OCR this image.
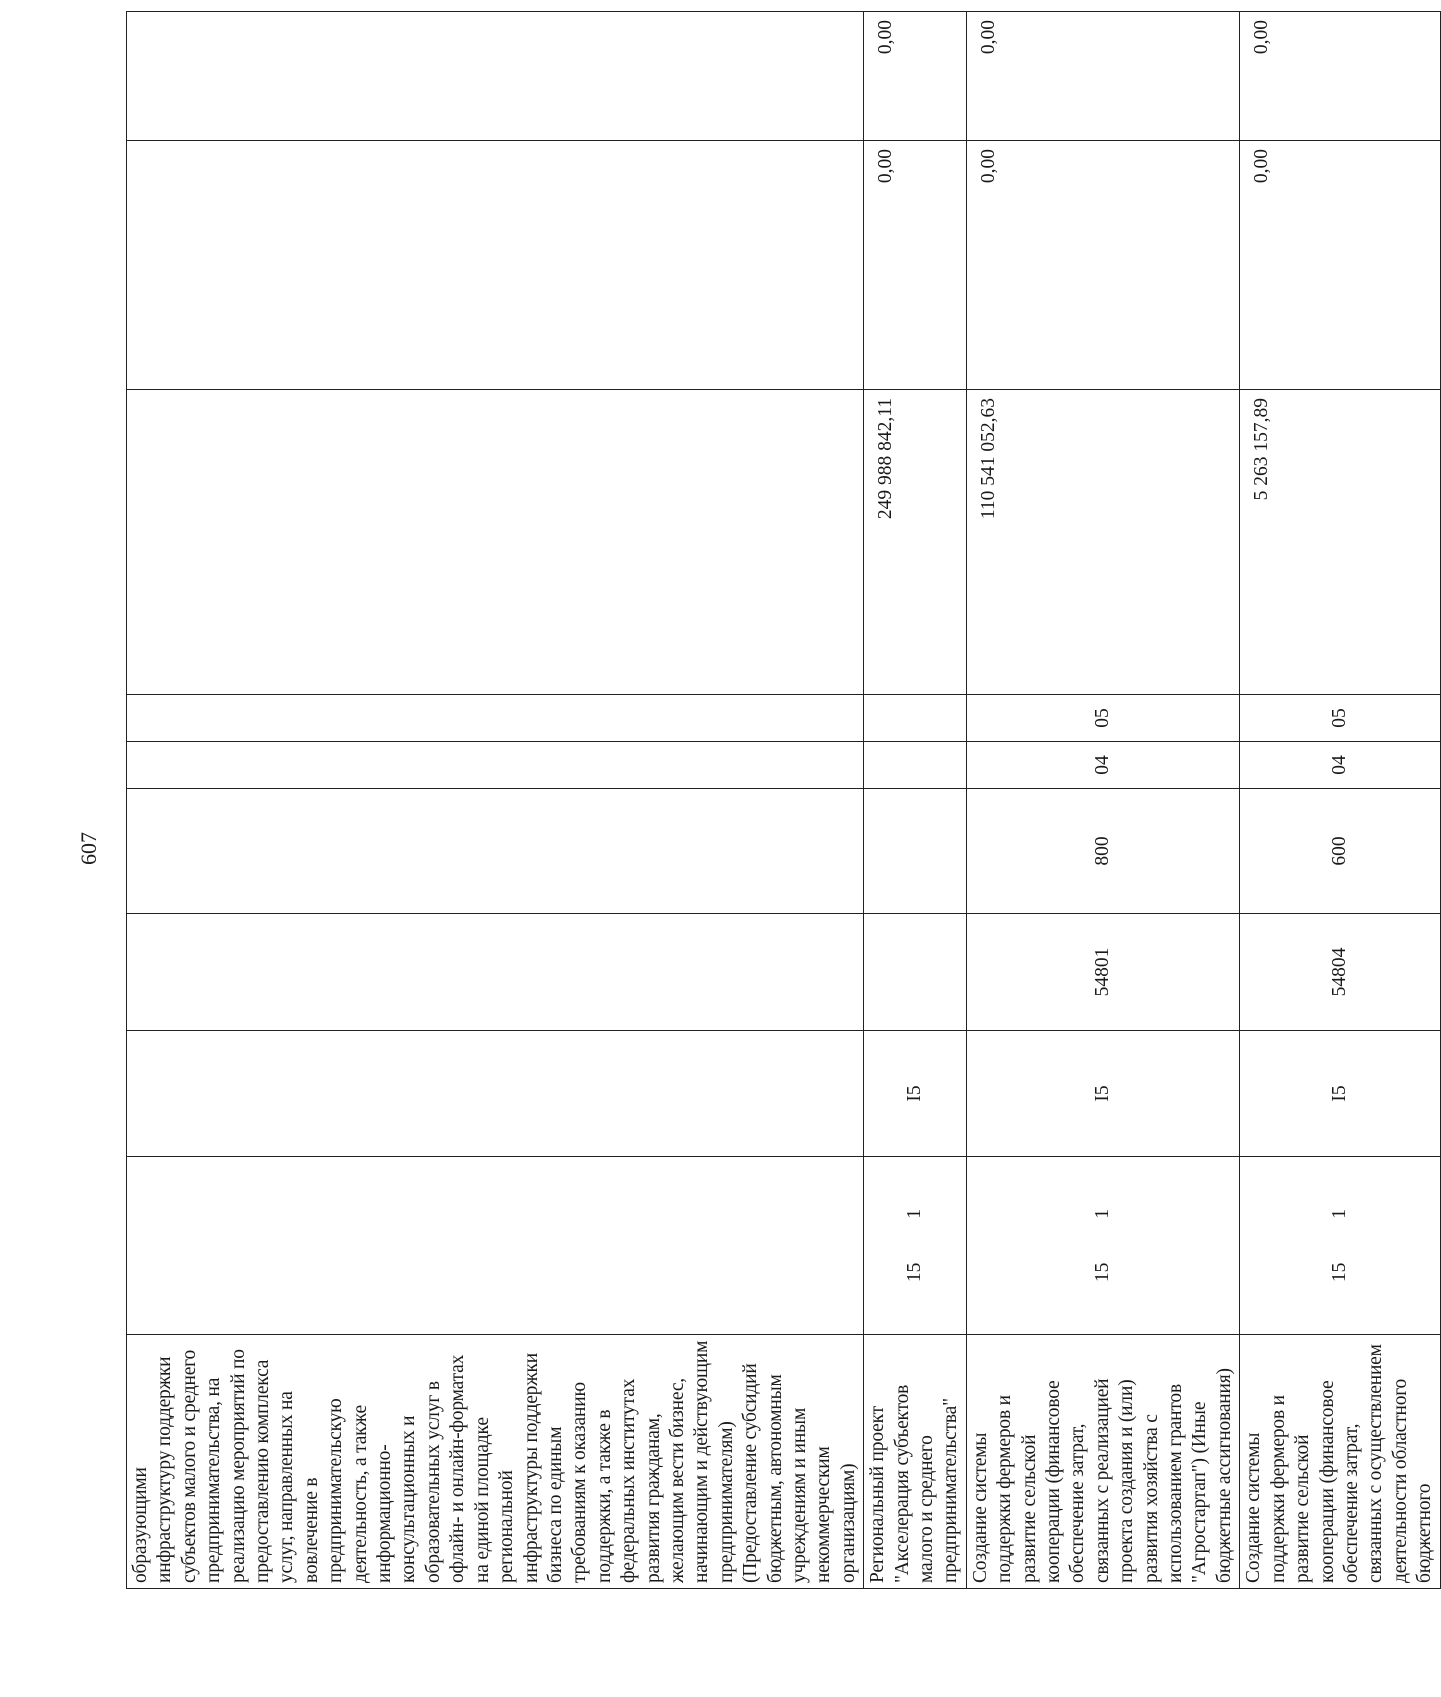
607
образующими инфраструктуру поддержки субъектов малого и среднего предпринимательства, на реализацию мероприятий по предоставлению комплекса услуг, направленных на вовлечение в предпринимательскую деятельность, а также информационно-консультационных и образовательных услуг в офлайн- и онлайн-форматах на единой площадке региональной инфраструктуры поддержки бизнеса по единым требованиям к оказанию поддержки, а также в федеральных институтах развития гражданам, желающим вести бизнес, начинающим и действующим предпринимателям) (Предоставление субсидий бюджетным, автономным учреждениям и иным некоммерческим организациям)									
Региональный проект "Акселерация субъектов малого и среднего предпринимательства"	15         1	I5					249 988 842,11	0,00	0,00
Создание системы поддержки фермеров и развитие сельской кооперации (финансовое обеспечение затрат, связанных с реализацией проекта создания и (или) развития хозяйства с использованием грантов "Агростартап") (Иные бюджетные ассигнования)	15         1	I5	54801	800	04	05	110 541 052,63	0,00	0,00
Создание системы поддержки фермеров и развитие сельской кооперации (финансовое обеспечение затрат, связанных с осуществлением деятельности областного бюджетного	15         1	I5	54804	600	04	05	5 263 157,89	0,00	0,00
